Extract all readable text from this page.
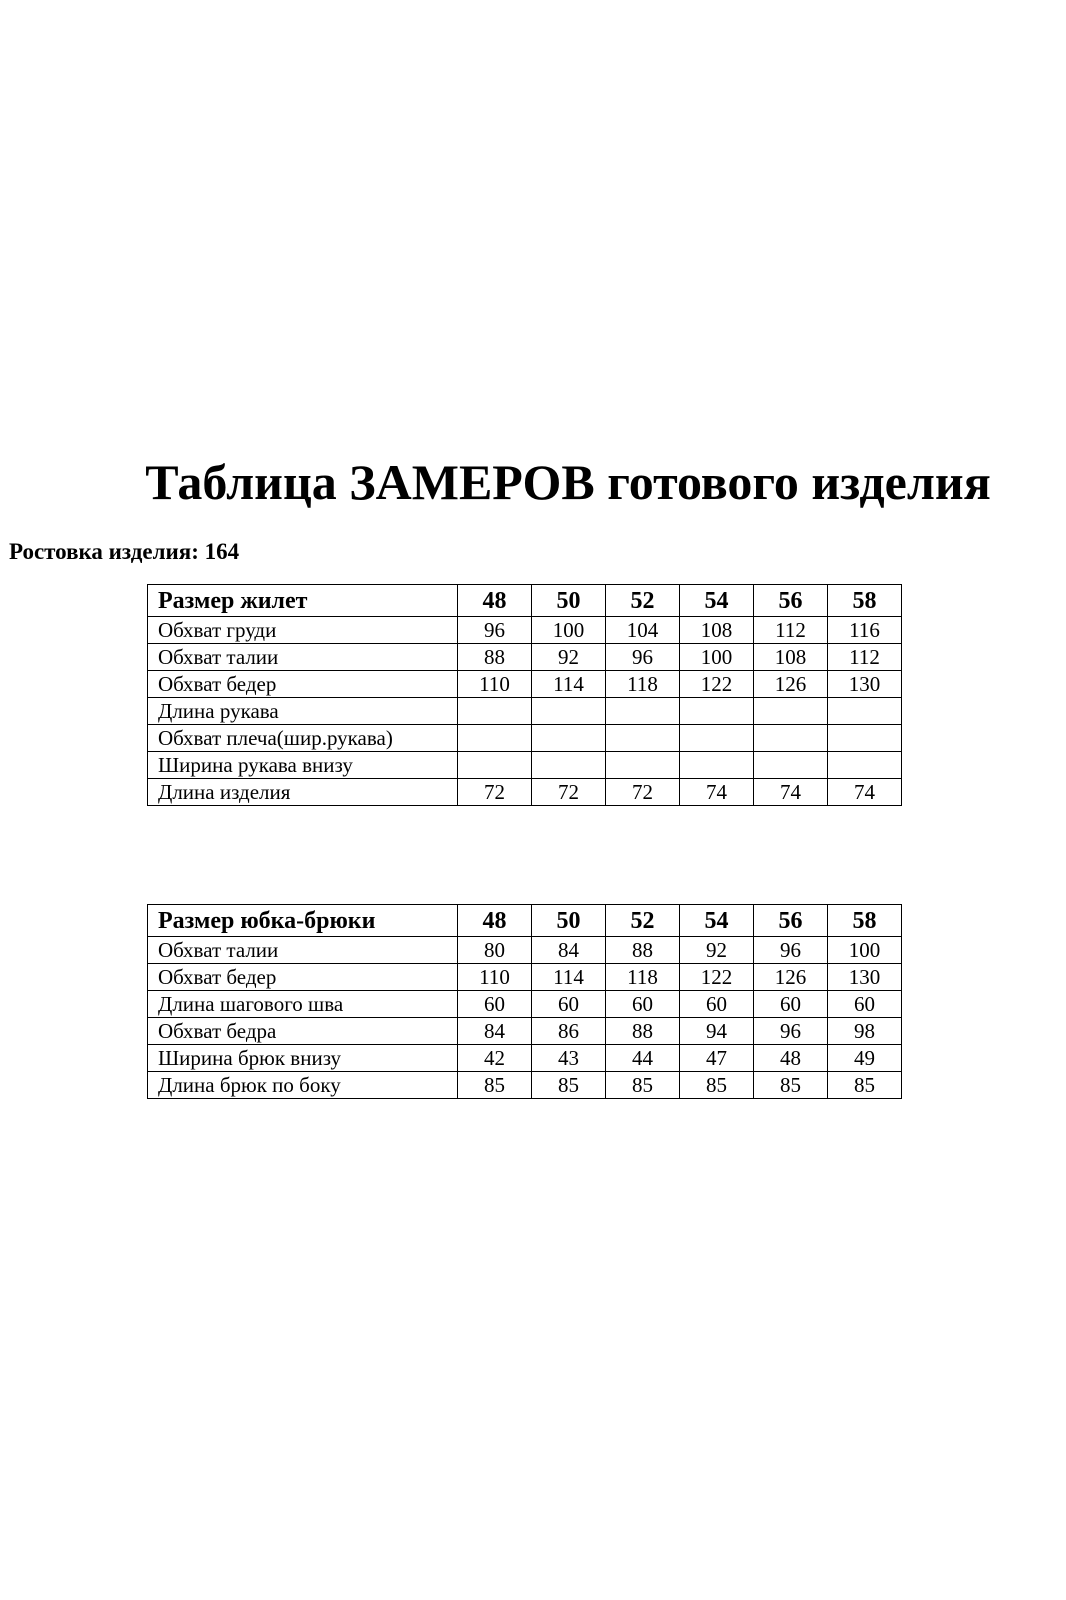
Таблица ЗАМЕРОВ готового изделия

Ростовка изделия: 164

Размер жилет	48	50	52	54	56	58
Обхват груди	96	100	104	108	112	116
Обхват талии	88	92	96	100	108	112
Обхват бедер	110	114	118	122	126	130
Длина рукава						
Обхват плеча(шир.рукава)						
Ширина рукава внизу						
Длина изделия	72	72	72	74	74	74
Размер юбка-брюки	48	50	52	54	56	58
Обхват талии	80	84	88	92	96	100
Обхват бедер	110	114	118	122	126	130
Длина шагового шва	60	60	60	60	60	60
Обхват бедра	84	86	88	94	96	98
Ширина брюк внизу	42	43	44	47	48	49
Длина брюк по боку	85	85	85	85	85	85
